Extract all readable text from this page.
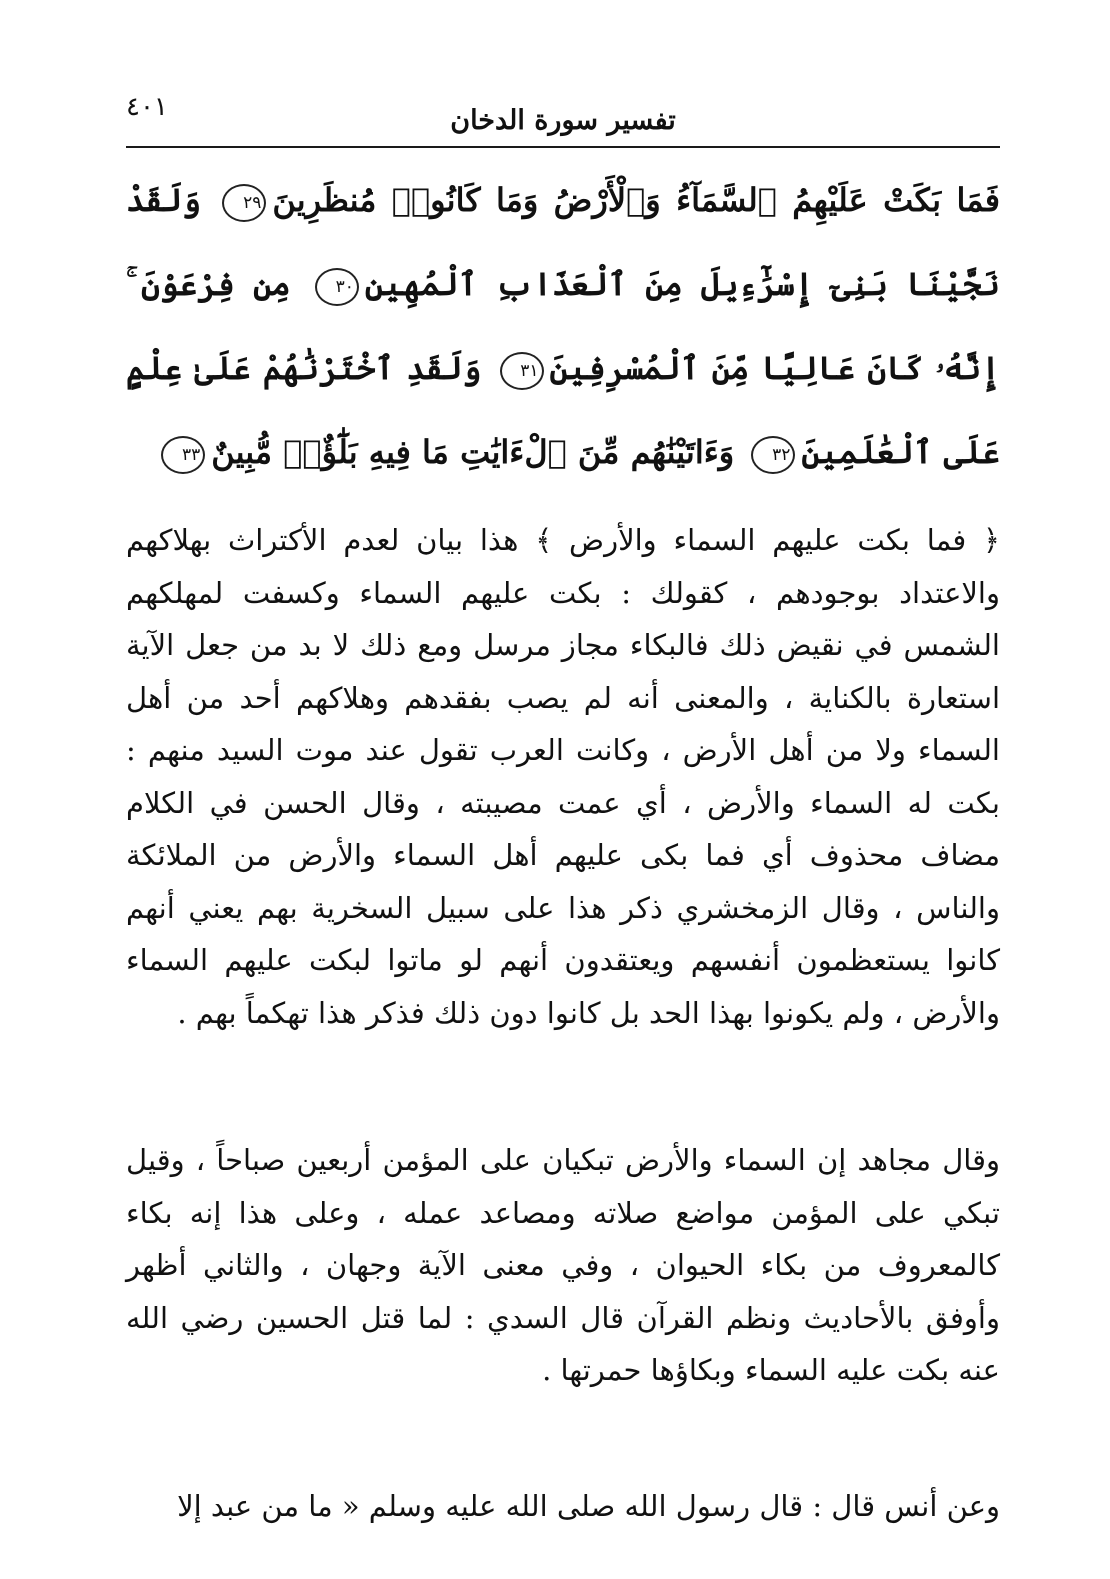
٤٠١	تفسير سورة الدخان
فَمَا بَكَتْ عَلَيْهِمُ ٱلسَّمَآءُ وَٱلْأَرْضُ وَمَا كَانُوا۟ مُنظَرِينَ٢٩ وَلَقَدْ نَجَّيْنَا بَنِىٓ إِسْرَٰٓءِيلَ مِنَ ٱلْعَذَابِ ٱلْمُهِينِ٣٠ مِن فِرْعَوْنَ ۚ إِنَّهُۥ كَانَ عَالِيًا مِّنَ ٱلْمُسْرِفِينَ٣١ وَلَقَدِ ٱخْتَرْنَٰهُمْ عَلَىٰ عِلْمٍ عَلَى ٱلْعَٰلَمِينَ٣٢ وَءَاتَيْنَٰهُم مِّنَ ٱلْءَايَٰتِ مَا فِيهِ بَلَٰٓؤٌا۟ مُّبِينٌ٣٣

﴿ فما بكت عليهم السماء والأرض ﴾ هذا بيان لعدم الأكتراث بهلاكهم والاعتداد بوجودهم ، كقولك : بكت عليهم السماء وكسفت لمهلكهم الشمس في نقيض ذلك فالبكاء مجاز مرسل ومع ذلك لا بد من جعل الآية استعارة بالكناية ، والمعنى أنه لم يصب بفقدهم وهلاكهم أحد من أهل السماء ولا من أهل الأرض ، وكانت العرب تقول عند موت السيد منهم : بكت له السماء والأرض ، أي عمت مصيبته ، وقال الحسن في الكلام مضاف محذوف أي فما بكى عليهم أهل السماء والأرض من الملائكة والناس ، وقال الزمخشري ذكر هذا على سبيل السخرية بهم يعني أنهم كانوا يستعظمون أنفسهم ويعتقدون أنهم لو ماتوا لبكت عليهم السماء والأرض ، ولم يكونوا بهذا الحد بل كانوا دون ذلك فذكر هذا تهكماً بهم .

وقال مجاهد إن السماء والأرض تبكيان على المؤمن أربعين صباحاً ، وقيل تبكي على المؤمن مواضع صلاته ومصاعد عمله ، وعلى هذا إنه بكاء كالمعروف من بكاء الحيوان ، وفي معنى الآية وجهان ، والثاني أظهر وأوفق بالأحاديث ونظم القرآن قال السدي : لما قتل الحسين رضي الله عنه بكت عليه السماء وبكاؤها حمرتها .

وعن أنس قال : قال رسول الله صلى الله عليه وسلم « ما من عبد إلا
